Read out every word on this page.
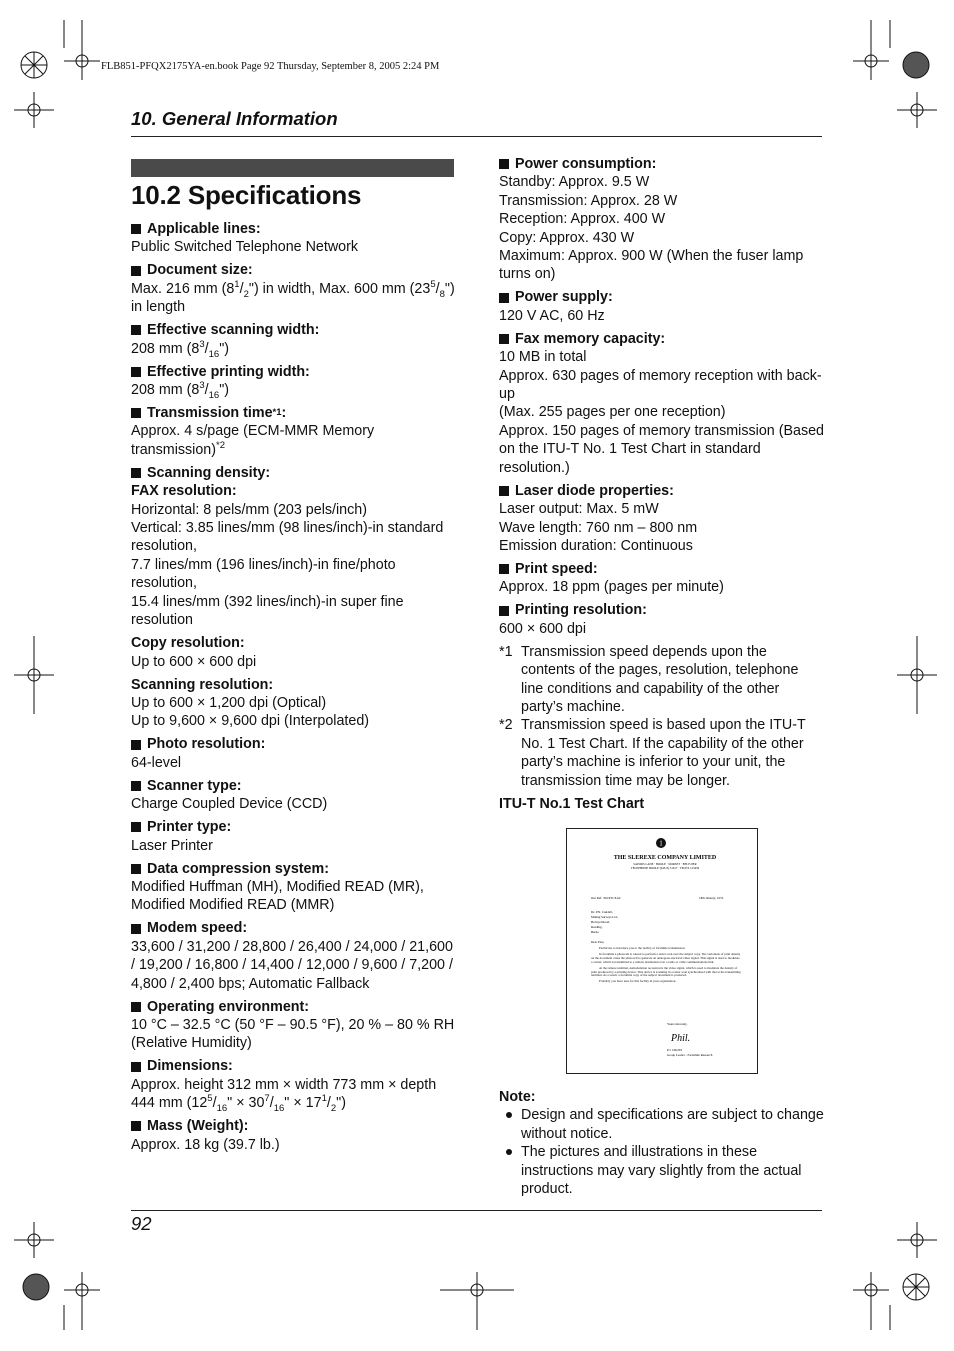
FLB851-PFQX2175YA-en.book Page 92 Thursday, September 8, 2005 2:24 PM
10. General Information
10.2 Specifications
Applicable lines:
Public Switched Telephone Network
Document size:
Max. 216 mm $(8^1/_2")$ in width, Max. 600 mm $(23^5/_8")$ in length
Effective scanning width:
208 mm $(8^3/_{16}")$
Effective printing width:
208 mm $(8^3/_{16}")$
Transmission time *1 :
Approx. 4 s/page (ECM-MMR Memory transmission)$^{*2}$
Scanning density:
FAX resolution:
Horizontal: 8 pels/mm (203 pels/inch)
Vertical: 3.85 lines/mm (98 lines/inch)-in standard resolution,
7.7 lines/mm (196 lines/inch)-in fine/photo resolution,
15.4 lines/mm (392 lines/inch)-in super fine resolution
Copy resolution:
Up to 600 × 600 dpi
Scanning resolution:
Up to 600 × 1,200 dpi (Optical)
Up to 9,600 × 9,600 dpi (Interpolated)
Photo resolution:
64-level
Scanner type:
Charge Coupled Device (CCD)
Printer type:
Laser Printer
Data compression system:
Modified Huffman (MH), Modified READ (MR), Modified Modified READ (MMR)
Modem speed:
33,600 / 31,200 / 28,800 / 26,400 / 24,000 / 21,600 / 19,200 / 16,800 / 14,400 / 12,000 / 9,600 / 7,200 / 4,800 / 2,400 bps; Automatic Fallback
Operating environment:
10 °C – 32.5 °C (50 °F – 90.5 °F), 20 % – 80 % RH (Relative Humidity)
Dimensions:
Approx. height 312 mm × width 773 mm × depth 444 mm ($12^5/_{16}$" × $30^7/_{16}$" × $17^1/_2$")
Mass (Weight):
Approx. 18 kg (39.7 lb.)
Power consumption:
Standby: Approx. 9.5 W
Transmission: Approx. 28 W
Reception: Approx. 400 W
Copy: Approx. 430 W
Maximum: Approx. 900 W (When the fuser lamp turns on)
Power supply:
120 V AC, 60 Hz
Fax memory capacity:
10 MB in total
Approx. 630 pages of memory reception with back-up
(Max. 255 pages per one reception)
Approx. 150 pages of memory transmission (Based on the ITU-T No. 1 Test Chart in standard resolution.)
Laser diode properties:
Laser output: Max. 5 mW
Wave length: 760 nm – 800 nm
Emission duration: Continuous
Print speed:
Approx. 18 ppm (pages per minute)
Printing resolution:
600 × 600 dpi
*1 Transmission speed depends upon the contents of the pages, resolution, telephone line conditions and capability of the other party’s machine.
*2 Transmission speed is based upon the ITU-T No. 1 Test Chart. If the capability of the other party’s machine is inferior to your unit, the transmission time may be longer.
ITU-T No.1 Test Chart
1
THE SLEREXE COMPANY LIMITED
SAPORS LANE · BOOLE · DORSET · BH 25 8ER
TELEPHONE BOOLE (94513) 51617 · TELEX 123456
Our Ref. 350/PJC/EAC	18th January, 1972.
Dr. P.N. Cundall,
Mining Surveys Ltd.,
Holroyd Road,
Reading,
Berks.
Dear Pete,

Permit me to introduce you to the facility of facsimile transmission.

In facsimile a photocell is caused to perform a raster scan over the subject copy. The variations of print density on the document cause the photocell to generate an analogous electrical video signal. This signal is used to modulate a carrier, which is transmitted to a remote destination over a radio or cable communications link.

At the remote terminal, demodulation reconstructs the video signal, which is used to modulate the density of print produced by a printing device. This device is scanning in a raster scan synchronised with that at the transmitting terminal. As a result, a facsimile copy of the subject document is produced.

Probably you have uses for this facility in your organisation.

Yours sincerely,
Phil.
P.J. CROSS
Group Leader - Facsimile Research
Note:
Design and specifications are subject to change without notice.
The pictures and illustrations in these instructions may vary slightly from the actual product.
92
